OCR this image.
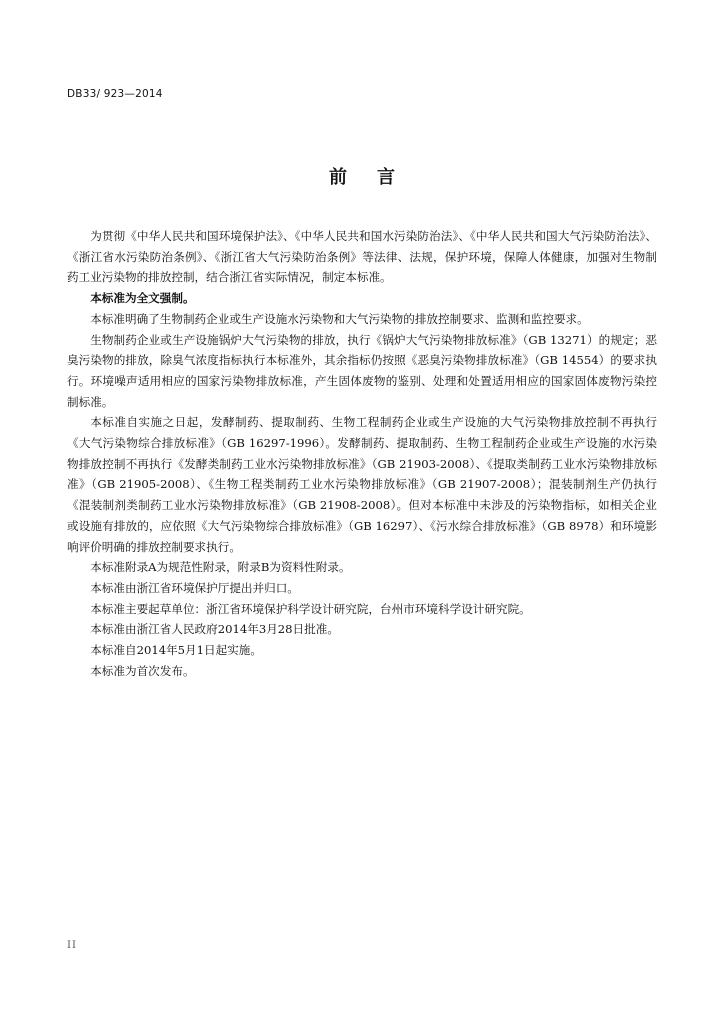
DB33/ 923—2014
前言

为贯彻《中华人民共和国环境保护法》、《中华人民共和国水污染防治法》、《中华人民共和国大气污染防治法》、《浙江省水污染防治条例》、《浙江省大气污染防治条例》等法律、法规，保护环境，保障人体健康，加强对生物制药工业污染物的排放控制，结合浙江省实际情况，制定本标准。

本标准为全文强制。

本标准明确了生物制药企业或生产设施水污染物和大气污染物的排放控制要求、监测和监控要求。

生物制药企业或生产设施锅炉大气污染物的排放，执行《锅炉大气污染物排放标准》（GB 13271）的规定；恶臭污染物的排放，除臭气浓度指标执行本标准外，其余指标仍按照《恶臭污染物排放标准》（GB 14554）的要求执行。环境噪声适用相应的国家污染物排放标准，产生固体废物的鉴别、处理和处置适用相应的国家固体废物污染控制标准。

本标准自实施之日起，发酵制药、提取制药、生物工程制药企业或生产设施的大气污染物排放控制不再执行《大气污染物综合排放标准》（GB 16297-1996）。发酵制药、提取制药、生物工程制药企业或生产设施的水污染物排放控制不再执行《发酵类制药工业水污染物排放标准》（GB 21903-2008）、《提取类制药工业水污染物排放标准》（GB 21905-2008）、《生物工程类制药工业水污染物排放标准》（GB 21907-2008）；混装制剂生产仍执行《混装制剂类制药工业水污染物排放标准》（GB 21908-2008）。但对本标准中未涉及的污染物指标，如相关企业或设施有排放的，应依照《大气污染物综合排放标准》（GB 16297）、《污水综合排放标准》（GB 8978）和环境影响评价明确的排放控制要求执行。

本标准附录A为规范性附录，附录B为资料性附录。

本标准由浙江省环境保护厅提出并归口。

本标准主要起草单位：浙江省环境保护科学设计研究院，台州市环境科学设计研究院。

本标准由浙江省人民政府2014年3月28日批准。

本标准自2014年5月1日起实施。

本标准为首次发布。

II
